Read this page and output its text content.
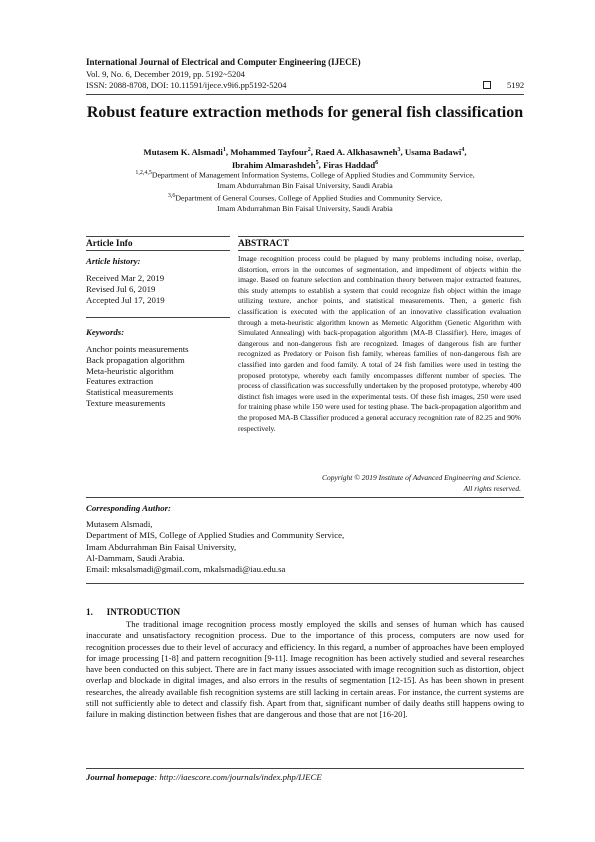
International Journal of Electrical and Computer Engineering (IJECE)
Vol. 9, No. 6, December 2019, pp. 5192~5204
ISSN: 2088-8708, DOI: 10.11591/ijece.v9i6.pp5192-5204	5192
Robust feature extraction methods for general fish classification
Mutasem K. Alsmadi$^1$, Mohammed Tayfour$^2$, Raed A. Alkhasawneh$^3$, Usama Badawi$^4$,
Ibrahim Almarashdeh$^5$, Firas Haddad$^6$
$^{1,2,4,5}$Department of Management Information Systems, College of Applied Studies and Community Service,
Imam Abdurrahman Bin Faisal University, Saudi Arabia
$^{3,6}$Department of General Courses, College of Applied Studies and Community Service,
Imam Abdurrahman Bin Faisal University, Saudi Arabia
Article Info	ABSTRACT
Article history:
Received Mar 2, 2019
Revised Jul 6, 2019
Accepted Jul 17, 2019
Keywords:
Anchor points measurements
Back propagation algorithm
Meta-heuristic algorithm
Features extraction
Statistical measurements
Texture measurements
Image recognition process could be plagued by many problems including noise, overlap, distortion, errors in the outcomes of segmentation, and impediment of objects within the image. Based on feature selection and combination theory between major extracted features, this study attempts to establish a system that could recognize fish object within the image utilizing texture, anchor points, and statistical measurements. Then, a generic fish classification is executed with the application of an innovative classification evaluation through a meta-heuristic algorithm known as Memetic Algorithm (Genetic Algorithm with Simulated Annealing) with back-propagation algorithm (MA-B Classifier). Here, images of dangerous and non-dangerous fish are recognized. Images of dangerous fish are further recognized as Predatory or Poison fish family, whereas families of non-dangerous fish are classified into garden and food family. A total of 24 fish families were used in testing the proposed prototype, whereby each family encompasses different number of species. The process of classification was successfully undertaken by the proposed prototype, whereby 400 distinct fish images were used in the experimental tests. Of these fish images, 250 were used for training phase while 150 were used for testing phase. The back-propagation algorithm and the proposed MA-B Classifier produced a general accuracy recognition rate of 82.25 and 90% respectively.
Copyright © 2019 Institute of Advanced Engineering and Science.
All rights reserved.
Corresponding Author:
Mutasem Alsmadi,
Department of MIS, College of Applied Studies and Community Service,
Imam Abdurrahman Bin Faisal University,
Al-Dammam, Saudi Arabia.
Email: mksalsmadi@gmail.com, mkalsmadi@iau.edu.sa
1.      INTRODUCTION

The traditional image recognition process mostly employed the skills and senses of human which has caused inaccurate and unsatisfactory recognition process. Due to the importance of this process, computers are now used for recognition processes due to their level of accuracy and efficiency. In this regard, a number of approaches have been employed for image processing [1-8] and pattern recognition [9-11]. Image recognition has been actively studied and several researches have been conducted on this subject. There are in fact many issues associated with image recognition such as distortion, object overlap and blockade in digital images, and also errors in the results of segmentation [12-15]. As has been shown in present researches, the already available fish recognition systems are still lacking in certain areas. For instance, the current systems are still not sufficiently able to detect and classify fish. Apart from that, significant number of daily deaths still happens owing to failure in making distinction between fishes that are dangerous and those that are not [16-20].

Journal homepage: http://iaescore.com/journals/index.php/IJECE
